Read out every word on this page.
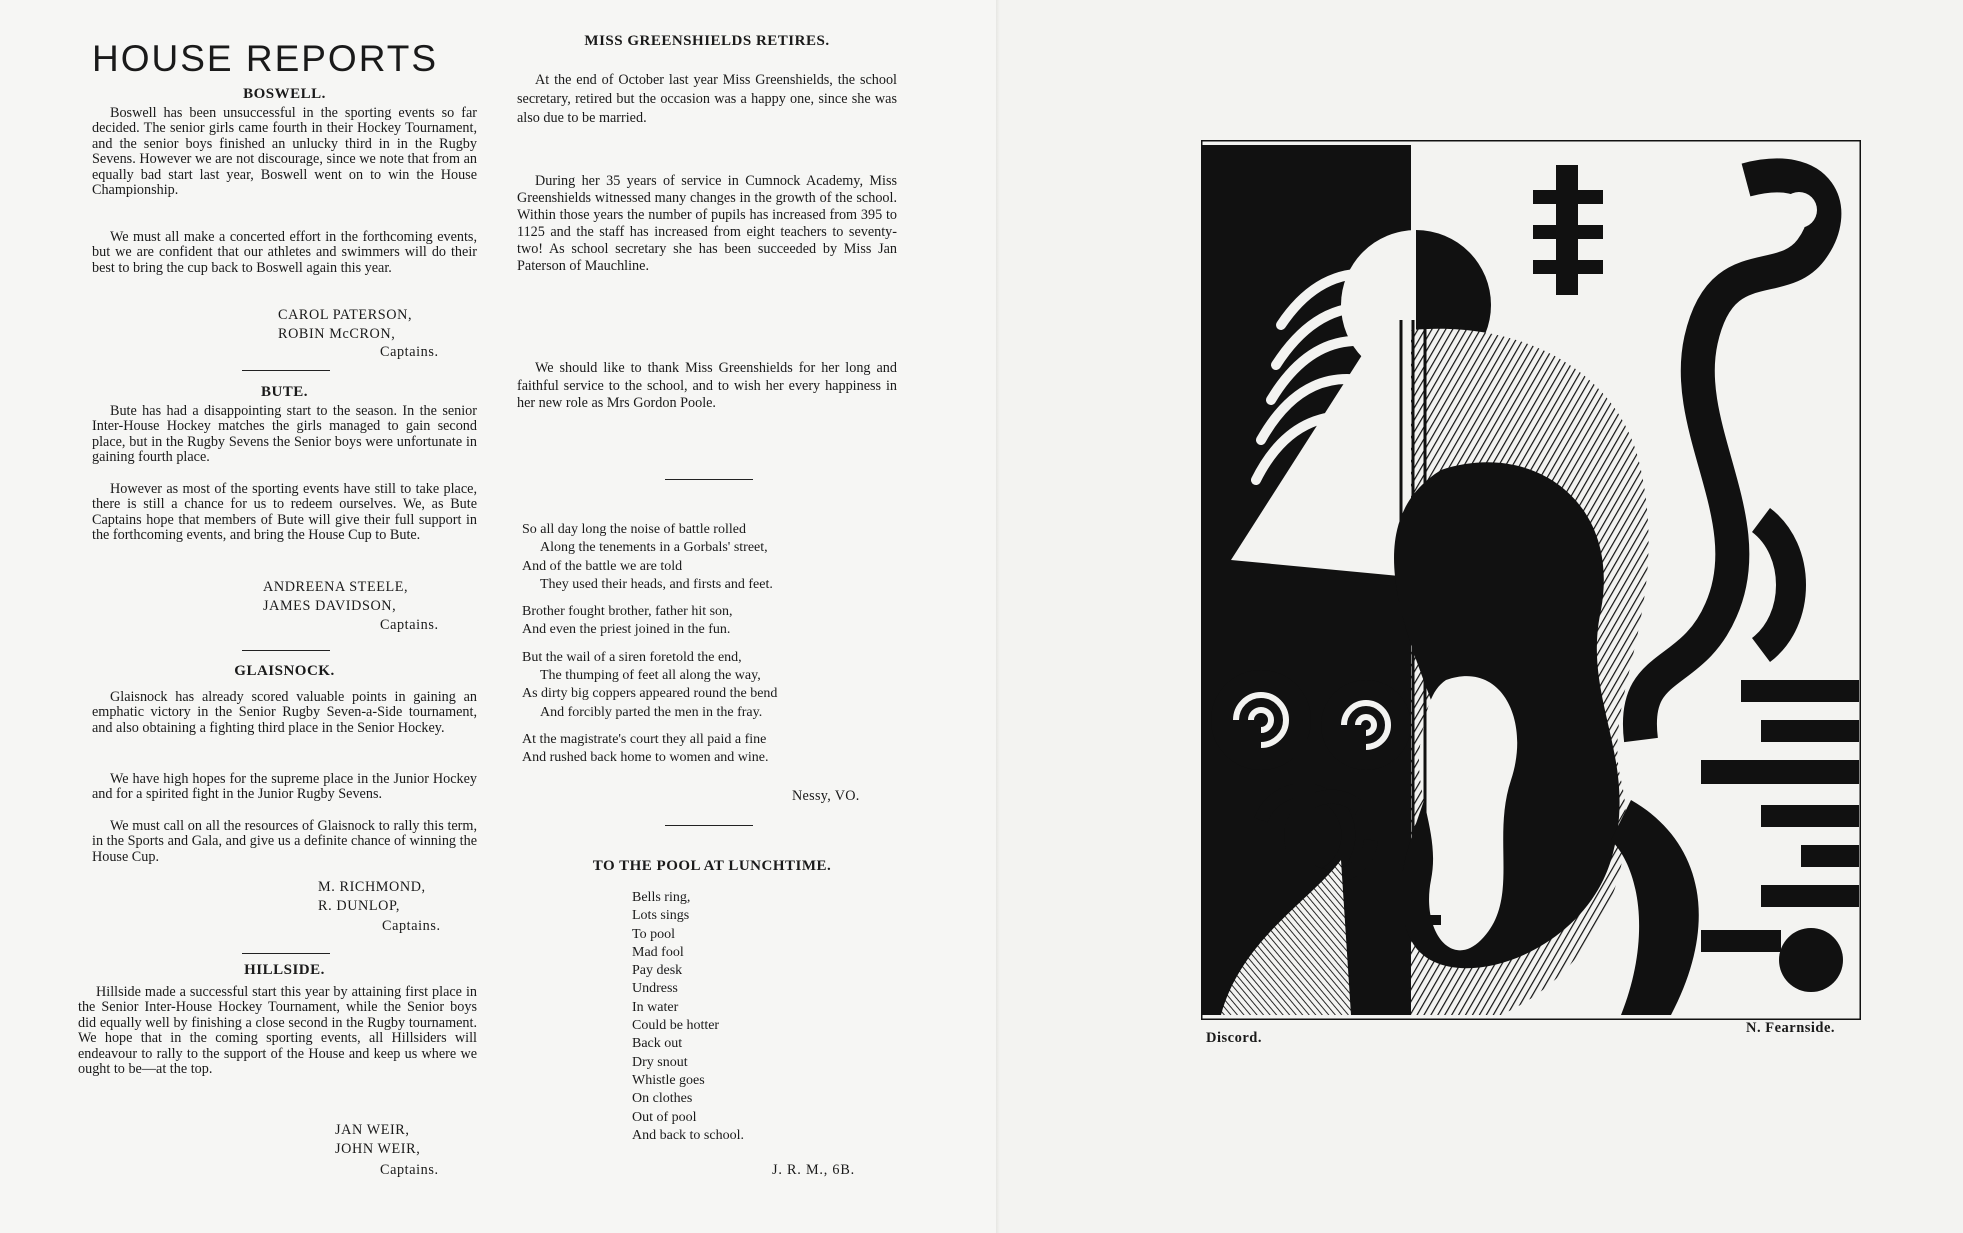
HOUSE REPORTS
BOSWELL.

Boswell has been unsuccessful in the sporting events so far decided. The senior girls came fourth in their Hockey Tournament, and the senior boys finished an unlucky third in in the Rugby Sevens. However we are not discourage, since we note that from an equally bad start last year, Boswell went on to win the House Championship.

We must all make a concerted effort in the forthcoming events, but we are confident that our athletes and swimmers will do their best to bring the cup back to Boswell again this year.

CAROL PATERSON,
ROBIN McCRON,
Captains.
BUTE.

Bute has had a disappointing start to the season. In the senior Inter-House Hockey matches the girls managed to gain second place, but in the Rugby Sevens the Senior boys were unfortunate in gaining fourth place.

However as most of the sporting events have still to take place, there is still a chance for us to redeem ourselves. We, as Bute Captains hope that members of Bute will give their full support in the forthcoming events, and bring the House Cup to Bute.

ANDREENA STEELE,
JAMES DAVIDSON,
Captains.
GLAISNOCK.

Glaisnock has already scored valuable points in gaining an emphatic victory in the Senior Rugby Seven-a-Side tournament, and also obtaining a fighting third place in the Senior Hockey.

We have high hopes for the supreme place in the Junior Hockey and for a spirited fight in the Junior Rugby Sevens.

We must call on all the resources of Glaisnock to rally this term, in the Sports and Gala, and give us a definite chance of winning the House Cup.

M. RICHMOND,
R. DUNLOP,
Captains.
HILLSIDE.

Hillside made a successful start this year by attaining first place in the Senior Inter-House Hockey Tournament, while the Senior boys did equally well by finishing a close second in the Rugby tournament. We hope that in the coming sporting events, all Hillsiders will endeavour to rally to the support of the House and keep us where we ought to be—at the top.

JAN WEIR,
JOHN WEIR,
Captains.
MISS GREENSHIELDS RETIRES.

At the end of October last year Miss Greenshields, the school secretary, retired but the occasion was a happy one, since she was also due to be married.

During her 35 years of service in Cumnock Academy, Miss Greenshields witnessed many changes in the growth of the school. Within those years the number of pupils has increased from 395 to 1125 and the staff has increased from eight teachers to seventy-two! As school secretary she has been succeeded by Miss Jan Paterson of Mauchline.

We should like to thank Miss Greenshields for her long and faithful service to the school, and to wish her every happiness in her new role as Mrs Gordon Poole.

So all day long the noise of battle rolled
Along the tenements in a Gorbals' street,
And of the battle we are told
They used their heads, and firsts and feet.
Brother fought brother, father hit son,
And even the priest joined in the fun.
But the wail of a siren foretold the end,
The thumping of feet all along the way,
As dirty big coppers appeared round the bend
And forcibly parted the men in the fray.
At the magistrate's court they all paid a fine
And rushed back home to women and wine.
Nessy, VO.
TO THE POOL AT LUNCHTIME.
Bells ring,
Lots sings
To pool
Mad fool
Pay desk
Undress
In water
Could be hotter
Back out
Dry snout
Whistle goes
On clothes
Out of pool
And back to school.
J. R. M., 6B.
Discord.
N. Fearnside.
